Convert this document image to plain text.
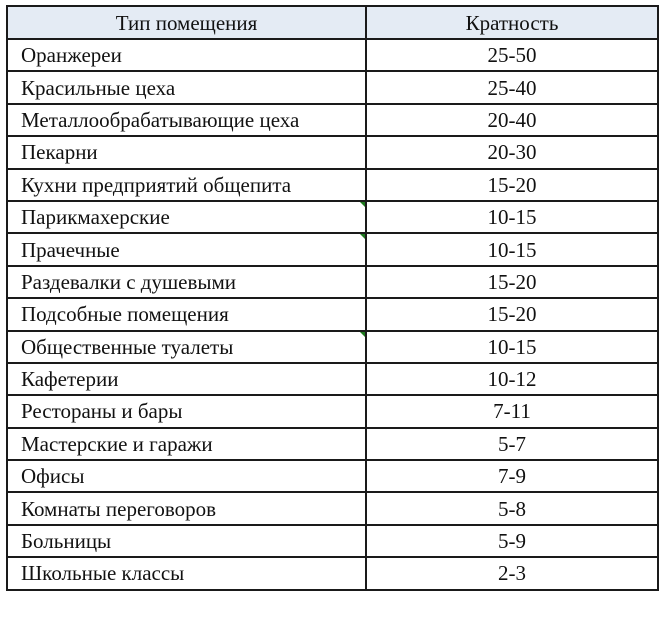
Тип помещения	Кратность
Оранжереи	25-50
Красильные цеха	25-40
Металлообрабатывающие цеха	20-40
Пекарни	20-30
Кухни предприятий общепита	15-20
Парикмахерские	10-15
Прачечные	10-15
Раздевалки с душевыми	15-20
Подсобные помещения	15-20
Общественные туалеты	10-15
Кафетерии	10-12
Рестораны и бары	7-11
Мастерские и гаражи	5-7
Офисы	7-9
Комнаты переговоров	5-8
Больницы	5-9
Школьные классы	2-3
